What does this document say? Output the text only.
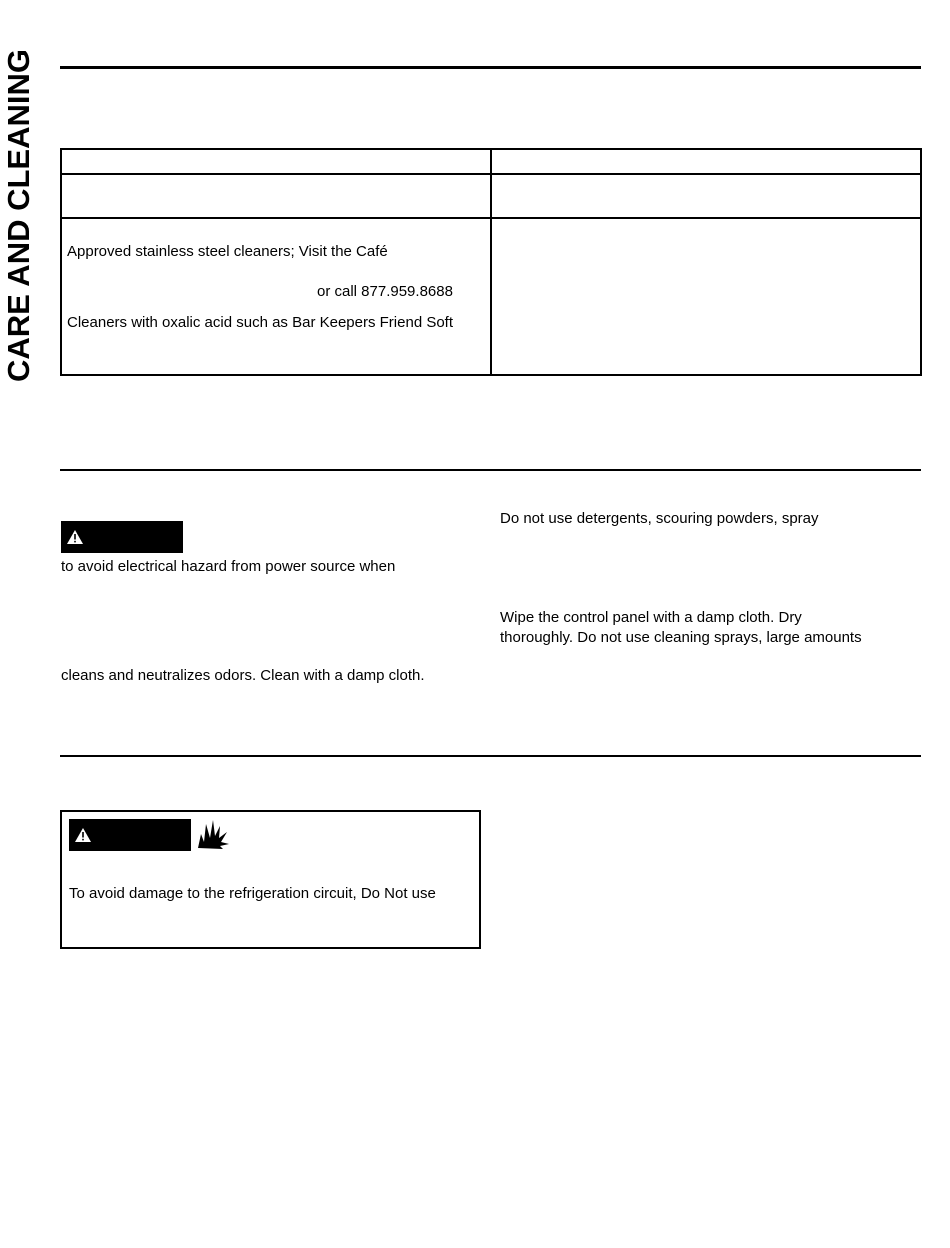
CARE AND CLEANING Approved stainless steel cleaners; Visit the Café
or call 877.959.8688
Cleaners with oxalic acid such as Bar Keepers Friend Soft
to avoid electrical hazard from power source when
cleans and neutralizes odors. Clean with a damp cloth.
Do not use detergents, scouring powders, spray
Wipe the control panel with a damp cloth. Dry
thoroughly. Do not use cleaning sprays, large amounts
To avoid damage to the refrigeration circuit, Do Not use
